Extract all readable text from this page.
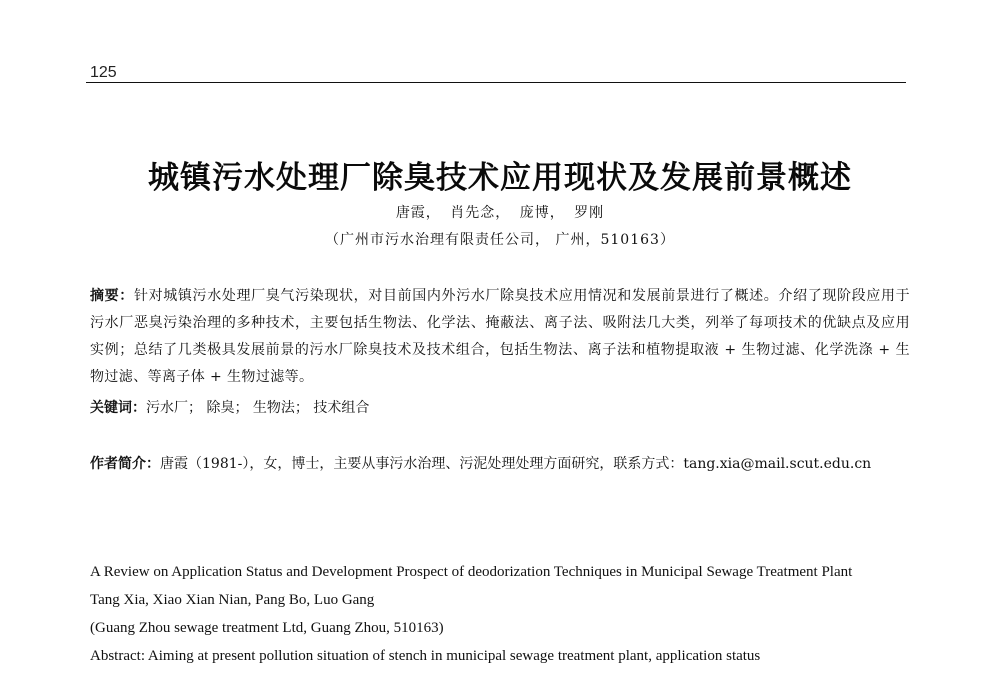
125
城镇污水处理厂除臭技术应用现状及发展前景概述
唐霞， 肖先念， 庞博， 罗刚
（广州市污水治理有限责任公司， 广州，510163）

摘要：针对城镇污水处理厂臭气污染现状，对目前国内外污水厂除臭技术应用情况和发展前景进行了概述。介绍了现阶段应用于污水厂恶臭污染治理的多种技术，主要包括生物法、化学法、掩蔽法、离子法、吸附法几大类，列举了每项技术的优缺点及应用实例；总结了几类极具发展前景的污水厂除臭技术及技术组合，包括生物法、离子法和植物提取液 + 生物过滤、化学洗涤 + 生物过滤、等离子体 + 生物过滤等。

关键词：污水厂； 除臭； 生物法； 技术组合

作者简介：唐霞（1981-），女，博士，主要从事污水治理、污泥处理处理方面研究，联系方式：tang.xia@mail.scut.edu.cn

A Review on Application Status and Development Prospect of deodorization Techniques in Municipal Sewage Treatment Plant
Tang Xia, Xiao Xian Nian, Pang Bo, Luo Gang
(Guang Zhou sewage treatment Ltd, Guang Zhou, 510163)
Abstract: Aiming at present pollution situation of stench in municipal sewage treatment plant, application status
